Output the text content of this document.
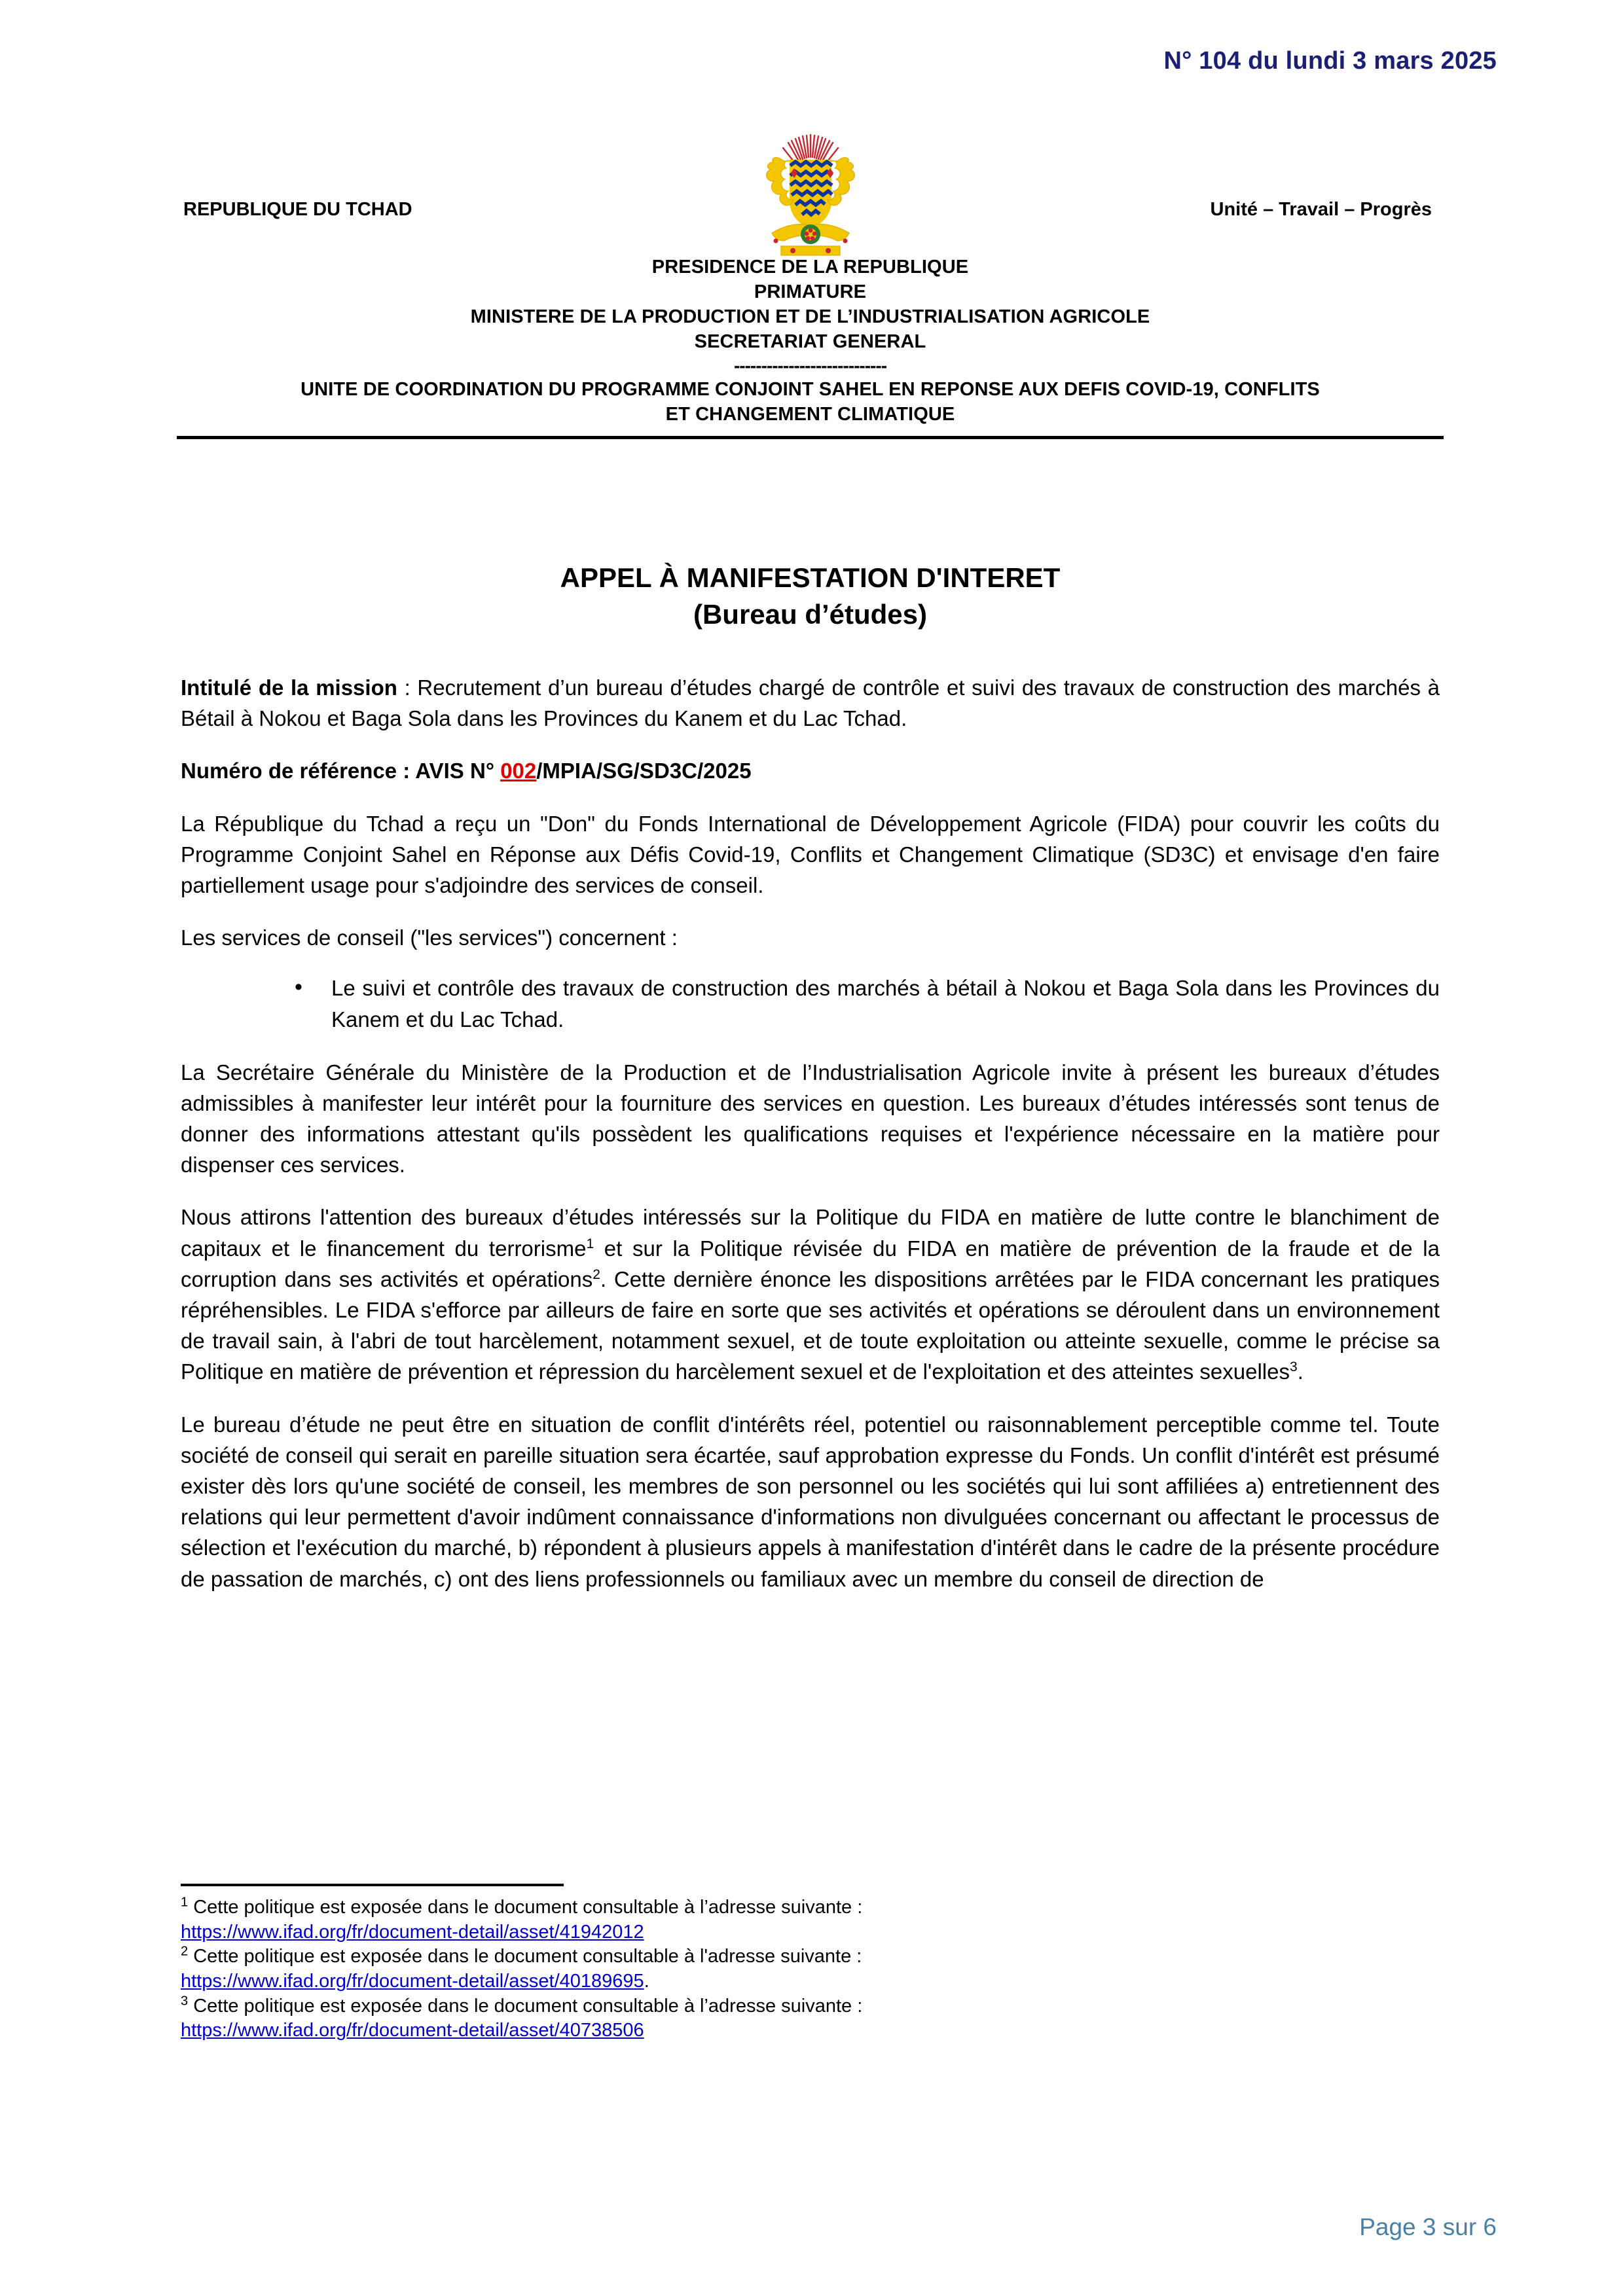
N° 104 du lundi 3 mars 2025
REPUBLIQUE DU TCHAD	Unité – Travail – Progrès
PRESIDENCE DE LA REPUBLIQUE
PRIMATURE
MINISTERE DE LA PRODUCTION ET DE L’INDUSTRIALISATION AGRICOLE
SECRETARIAT GENERAL
----------------------------
UNITE DE COORDINATION DU PROGRAMME CONJOINT SAHEL EN REPONSE AUX DEFIS COVID-19, CONFLITS
ET CHANGEMENT CLIMATIQUE
APPEL À MANIFESTATION D'INTERET
(Bureau d’études)

Intitulé de la mission : Recrutement d’un bureau d’études chargé de contrôle et suivi des travaux de construction des marchés à Bétail à Nokou et Baga Sola dans les Provinces du Kanem et du Lac Tchad.

Numéro de référence : AVIS N° 002/MPIA/SG/SD3C/2025

La République du Tchad a reçu un "Don" du Fonds International de Développement Agricole (FIDA) pour couvrir les coûts du Programme Conjoint Sahel en Réponse aux Défis Covid-19, Conflits et Changement Climatique (SD3C) et envisage d'en faire partiellement usage pour s'adjoindre des services de conseil.

Les services de conseil ("les services") concernent :

• Le suivi et contrôle des travaux de construction des marchés à bétail à Nokou et Baga Sola dans les Provinces du Kanem et du Lac Tchad.

La Secrétaire Générale du Ministère de la Production et de l’Industrialisation Agricole invite à présent les bureaux d’études admissibles à manifester leur intérêt pour la fourniture des services en question. Les bureaux d’études intéressés sont tenus de donner des informations attestant qu'ils possèdent les qualifications requises et l'expérience nécessaire en la matière pour dispenser ces services.

Nous attirons l'attention des bureaux d’études intéressés sur la Politique du FIDA en matière de lutte contre le blanchiment de capitaux et le financement du terrorisme$^1$ et sur la Politique révisée du FIDA en matière de prévention de la fraude et de la corruption dans ses activités et opérations$^2$. Cette dernière énonce les dispositions arrêtées par le FIDA concernant les pratiques répréhensibles. Le FIDA s'efforce par ailleurs de faire en sorte que ses activités et opérations se déroulent dans un environnement de travail sain, à l'abri de tout harcèlement, notamment sexuel, et de toute exploitation ou atteinte sexuelle, comme le précise sa Politique en matière de prévention et répression du harcèlement sexuel et de l'exploitation et des atteintes sexuelles$^3$.

Le bureau d’étude ne peut être en situation de conflit d'intérêts réel, potentiel ou raisonnablement perceptible comme tel. Toute société de conseil qui serait en pareille situation sera écartée, sauf approbation expresse du Fonds. Un conflit d'intérêt est présumé exister dès lors qu'une société de conseil, les membres de son personnel ou les sociétés qui lui sont affiliées a) entretiennent des relations qui leur permettent d'avoir indûment connaissance d'informations non divulguées concernant ou affectant le processus de sélection et l'exécution du marché, b) répondent à plusieurs appels à manifestation d'intérêt dans le cadre de la présente procédure de passation de marchés, c) ont des liens professionnels ou familiaux avec un membre du conseil de direction de

$^1$ Cette politique est exposée dans le document consultable à l’adresse suivante :
https://www.ifad.org/fr/document-detail/asset/41942012

$^2$ Cette politique est exposée dans le document consultable à l'adresse suivante :
https://www.ifad.org/fr/document-detail/asset/40189695.

$^3$ Cette politique est exposée dans le document consultable à l’adresse suivante :
https://www.ifad.org/fr/document-detail/asset/40738506

Page 3 sur 6
